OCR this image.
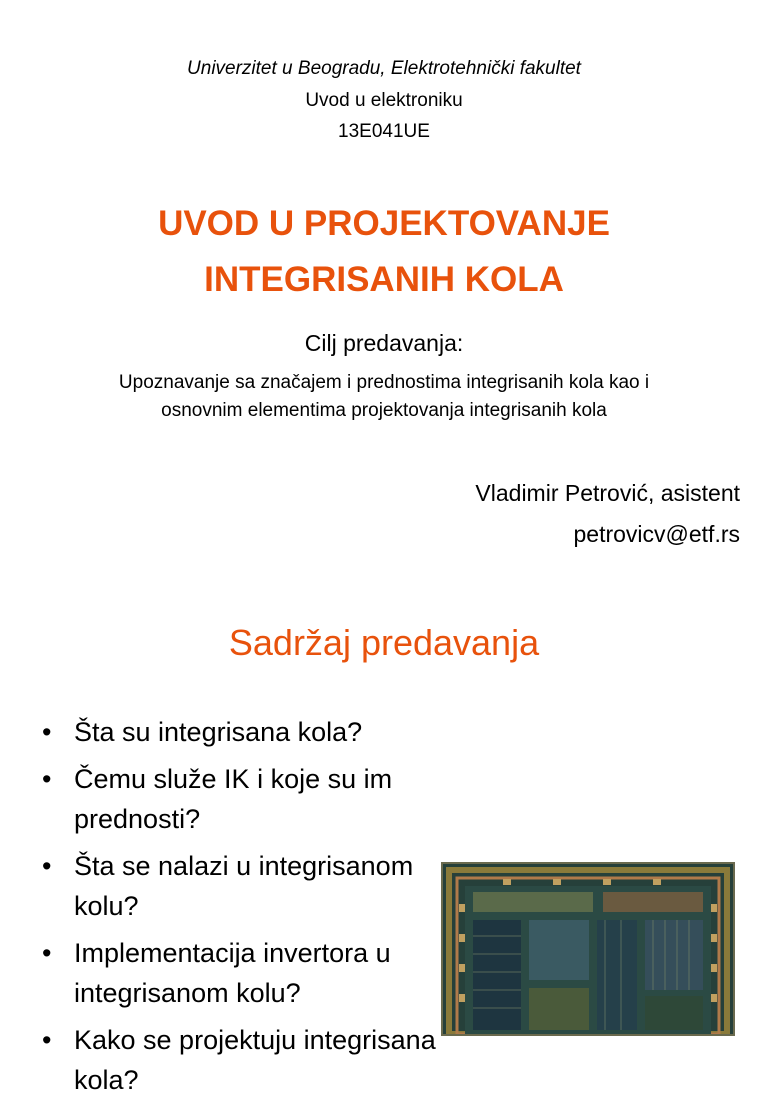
Univerzitet u Beogradu, Elektrotehnički fakultet
Uvod u elektroniku
13E041UE
UVOD U PROJEKTOVANJE
INTEGRISANIH KOLA
Cilj predavanja:
Upoznavanje sa značajem i prednostima integrisanih kola kao i
osnovnim elementima projektovanja integrisanih kola
Vladimir Petrović, asistent
petrovicv@etf.rs
Sadržaj predavanja
• Šta su integrisana kola?
• Čemu služe IK i koje su im prednosti?
• Šta se nalazi u integrisanom kolu?
• Implementacija invertora u integrisanom kolu?
• Kako se projektuju integrisana kola?
